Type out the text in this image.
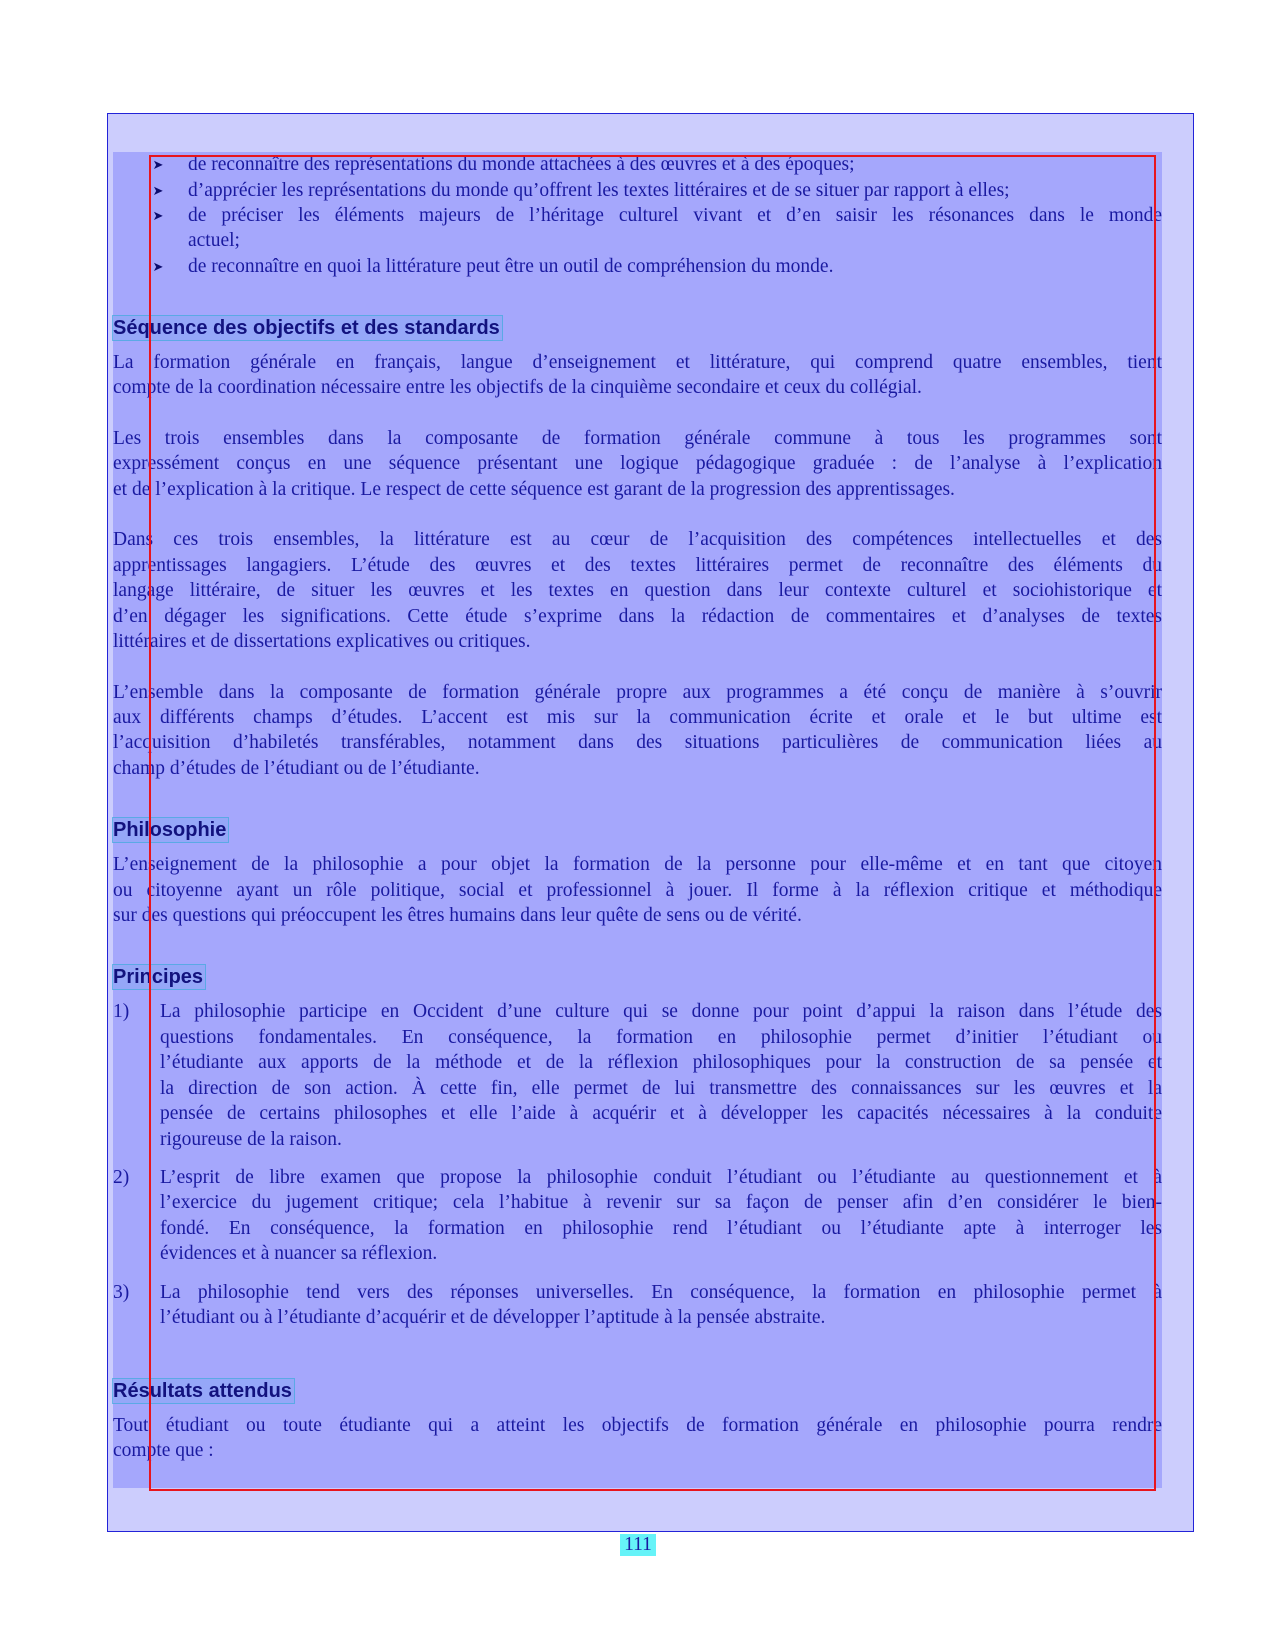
➤ de reconnaître des représentations du monde attachées à des œuvres et à des époques;
➤ d’apprécier les représentations du monde qu’offrent les textes littéraires et de se situer par rapport à elles;
➤ de préciser les éléments majeurs de l’héritage culturel vivant et d’en saisir les résonances dans le monde
actuel;
➤ de reconnaître en quoi la littérature peut être un outil de compréhension du monde.
Séquence des objectifs et des standards
La formation générale en français, langue d’enseignement et littérature, qui comprend quatre ensembles, tient
compte de la coordination nécessaire entre les objectifs de la cinquième secondaire et ceux du collégial.
Les trois ensembles dans la composante de formation générale commune à tous les programmes sont
expressément conçus en une séquence présentant une logique pédagogique graduée : de l’analyse à l’explication
et de l’explication à la critique. Le respect de cette séquence est garant de la progression des apprentissages.
Dans ces trois ensembles, la littérature est au cœur de l’acquisition des compétences intellectuelles et des
apprentissages langagiers. L’étude des œuvres et des textes littéraires permet de reconnaître des éléments du
langage littéraire, de situer les œuvres et les textes en question dans leur contexte culturel et sociohistorique et
d’en dégager les significations. Cette étude s’exprime dans la rédaction de commentaires et d’analyses de textes
littéraires et de dissertations explicatives ou critiques.
L’ensemble dans la composante de formation générale propre aux programmes a été conçu de manière à s’ouvrir
aux différents champs d’études. L’accent est mis sur la communication écrite et orale et le but ultime est
l’acquisition d’habiletés transférables, notamment dans des situations particulières de communication liées au
champ d’études de l’étudiant ou de l’étudiante.
Philosophie
L’enseignement de la philosophie a pour objet la formation de la personne pour elle-même et en tant que citoyen
ou citoyenne ayant un rôle politique, social et professionnel à jouer. Il forme à la réflexion critique et méthodique
sur des questions qui préoccupent les êtres humains dans leur quête de sens ou de vérité.
Principes
1)	La philosophie participe en Occident d’une culture qui se donne pour point d’appui la raison dans l’étude des
questions fondamentales. En conséquence, la formation en philosophie permet d’initier l’étudiant ou
l’étudiante aux apports de la méthode et de la réflexion philosophiques pour la construction de sa pensée et
la direction de son action. À cette fin, elle permet de lui transmettre des connaissances sur les œuvres et la
pensée de certains philosophes et elle l’aide à acquérir et à développer les capacités nécessaires à la conduite
rigoureuse de la raison.
2)	L’esprit de libre examen que propose la philosophie conduit l’étudiant ou l’étudiante au questionnement et à
l’exercice du jugement critique; cela l’habitue à revenir sur sa façon de penser afin d’en considérer le bien-
fondé. En conséquence, la formation en philosophie rend l’étudiant ou l’étudiante apte à interroger les
évidences et à nuancer sa réflexion.
3)	La philosophie tend vers des réponses universelles. En conséquence, la formation en philosophie permet à
l’étudiant ou à l’étudiante d’acquérir et de développer l’aptitude à la pensée abstraite.
Résultats attendus
Tout étudiant ou toute étudiante qui a atteint les objectifs de formation générale en philosophie pourra rendre
compte que :
111
